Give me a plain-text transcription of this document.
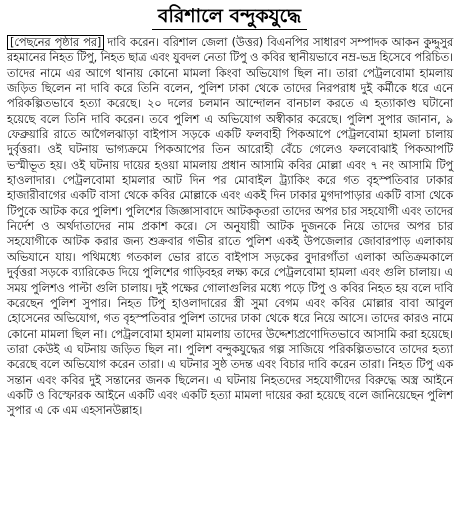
বরিশালে বন্দুকযুদ্ধে
[পেছনের পৃষ্ঠার পর] দাবি করেন। বরিশাল জেলা (উত্তর) বিএনপির সাধারণ সম্পাদক আকন কুদ্দুসুর রহমানের নিহত টিপু, নিহত ছাত্র এবং যুবদল নেতা টিপু ও কবির স্থানীয়ভাবে নম্র-ভদ্র হিসেবে পরিচিত। তাদের নামে এর আগে থানায় কোনো মামলা কিংবা অভিযোগ ছিল না। তারা পেট্রলবোমা হামলায় জড়িত ছিলেন না দাবি করে তিনি বলেন, পুলিশ ঢাকা থেকে তাদের নিরপরাধ দুই কর্মীকে ধরে এনে পরিকল্পিতভাবে হত্যা করেছে। ২০ দলের চলমান আন্দোলন বানচাল করতে এ হত্যাকাণ্ড ঘটানো হয়েছে বলে তিনি দাবি করেন। তবে পুলিশ এ অভিযোগ অস্বীকার করেছে। পুলিশ সুপার জানান, ৯ ফেব্রুয়ারি রাতে আগৈলঝাড়া বাইপাস সড়কে একটি ফলবাহী পিকআপে পেট্রলবোমা হামলা চালায় দুর্বৃত্তরা। ওই ঘটনায় ভাগ্যক্রমে পিকআপের তিন আরোহী বেঁচে গেলেও ফলবোঝাই পিকআপটি ভস্মীভূত হয়। ওই ঘটনায় দায়ের হওয়া মামলায় প্রধান আসামি কবির মোল্লা এবং ৭ নং আসামি টিপু হাওলাদার। পেট্রলবোমা হামলার আট দিন পর মোবাইল ট্র্যাকিং করে গত বৃহস্পতিবার ঢাকার হাজারীবাগের একটি বাসা থেকে কবির মোল্লাকে এবং একই দিন ঢাকার মুগদাপাড়ার একটি বাসা থেকে টিপুকে আটক করে পুলিশ। পুলিশের জিজ্ঞাসাবাদে আটককৃতরা তাদের অপর চার সহযোগী এবং তাদের নির্দেশ ও অর্থদাতাদের নাম প্রকাশ করে। সে অনুযায়ী আটক দুজনকে নিয়ে তাদের অপর চার সহযোগীকে আটক করার জন্য শুক্রবার গভীর রাতে পুলিশ একই উপজেলার জোবারপাড় এলাকায় অভিযানে যায়। পথিমধ্যে গতকাল ভোর রাতে বাইপাস সড়কের বুদারগাঁতা এলাকা অতিক্রমকালে দুর্বৃত্তরা সড়কে ব্যারিকেড দিয়ে পুলিশের গাড়িবহর লক্ষ্য করে পেট্রলবোমা হামলা এবং গুলি চালায়। এ সময় পুলিশও পাল্টা গুলি চালায়। দুই পক্ষের গোলাগুলির মধ্যে পড়ে টিপু ও কবির নিহত হয় বলে দাবি করেছেন পুলিশ সুপার। নিহত টিপু হাওলাদারের স্ত্রী সুমা বেগম এবং কবির মোল্লার বাবা আবুল হোসেনের অভিযোগ, গত বৃহস্পতিবার পুলিশ তাদের ঢাকা থেকে ধরে নিয়ে আসে। তাদের কারও নামে কোনো মামলা ছিল না। পেট্রলবোমা হামলা মামলায় তাদের উদ্দেশ্যপ্রণোদিতভাবে আসামি করা হয়েছে। তারা কেউই এ ঘটনায় জড়িত ছিল না। পুলিশ বন্দুকযুদ্ধের গল্প সাজিয়ে পরিকল্পিতভাবে তাদের হত্যা করেছে বলে অভিযোগ করেন তারা। এ ঘটনার সুষ্ঠ তদন্ত এবং বিচার দাবি করেন তারা। নিহত টিপু এক সন্তান এবং কবির দুই সন্তানের জনক ছিলেন। এ ঘটনায় নিহতদের সহযোগীদের বিরুদ্ধে অস্ত্র আইনে একটি ও বিস্ফোরক আইনে একটি এবং একটি হত্যা মামলা দায়ের করা হয়েছে বলে জানিয়েছেন পুলিশ সুপার এ কে এম এহসানউল্লাহ।
